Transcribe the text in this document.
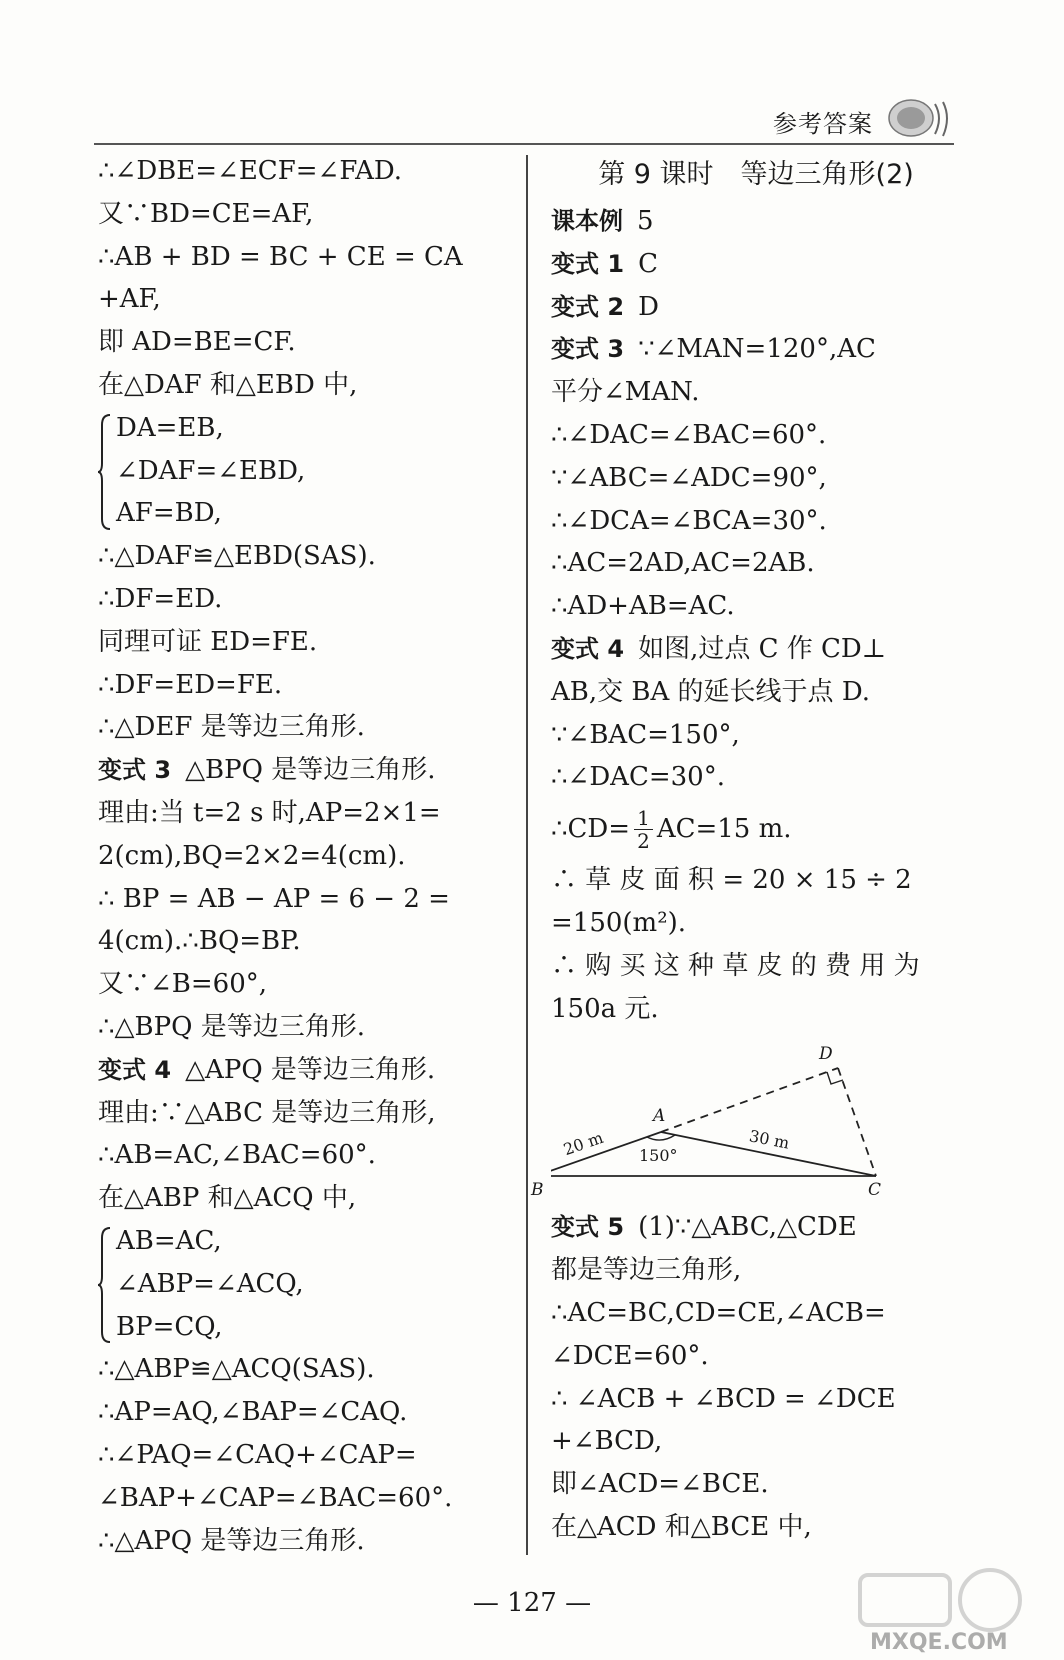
参考答案
∴∠DBE=∠ECF=∠FAD.
又∵BD=CE=AF,
∴AB + BD = BC + CE = CA
+AF,
即 AD=BE=CF.
在△DAF 和△EBD 中,
DA=EB,
∠DAF=∠EBD,
AF=BD,
∴△DAF≌△EBD(SAS).
∴DF=ED.
同理可证 ED=FE.
∴DF=ED=FE.
∴△DEF 是等边三角形.
变式 3 △BPQ 是等边三角形.
理由:当 t=2 s 时,AP=2×1=
2(cm),BQ=2×2=4(cm).
∴ BP = AB − AP = 6 − 2 =
4(cm).∴BQ=BP.
又∵∠B=60°,
∴△BPQ 是等边三角形.
变式 4 △APQ 是等边三角形.
理由:∵△ABC 是等边三角形,
∴AB=AC,∠BAC=60°.
在△ABP 和△ACQ 中,
AB=AC,
∠ABP=∠ACQ,
BP=CQ,
∴△ABP≌△ACQ(SAS).
∴AP=AQ,∠BAP=∠CAQ.
∴∠PAQ=∠CAQ+∠CAP=
∠BAP+∠CAP=∠BAC=60°.
∴△APQ 是等边三角形.
第 9 课时　等边三角形(2)
课本例 5
变式 1 C
变式 2 D
变式 3 ∵∠MAN=120°,AC
平分∠MAN.
∴∠DAC=∠BAC=60°.
∵∠ABC=∠ADC=90°,
∴∠DCA=∠BCA=30°.
∴AC=2AD,AC=2AB.
∴AD+AB=AC.
变式 4 如图,过点 C 作 CD⊥
AB,交 BA 的延长线于点 D.
∵∠BAC=150°,
∴∠DAC=30°.
∴CD= $\frac{1}{2} AC=15$ m.
∴ 草 皮 面 积 = 20 × 15 ÷ 2
=150(m²).
∴ 购 买 这 种 草 皮 的 费 用 为
150a 元.
B	C
A
D
20 m	30 m
150°
变式 5 (1)∵△ABC,△CDE
都是等边三角形,
∴AC=BC,CD=CE,∠ACB=
∠DCE=60°.
∴ ∠ACB + ∠BCD = ∠DCE
+∠BCD,
即∠ACD=∠BCE.
在△ACD 和△BCE 中,
— 127 —
MXQE.COM
